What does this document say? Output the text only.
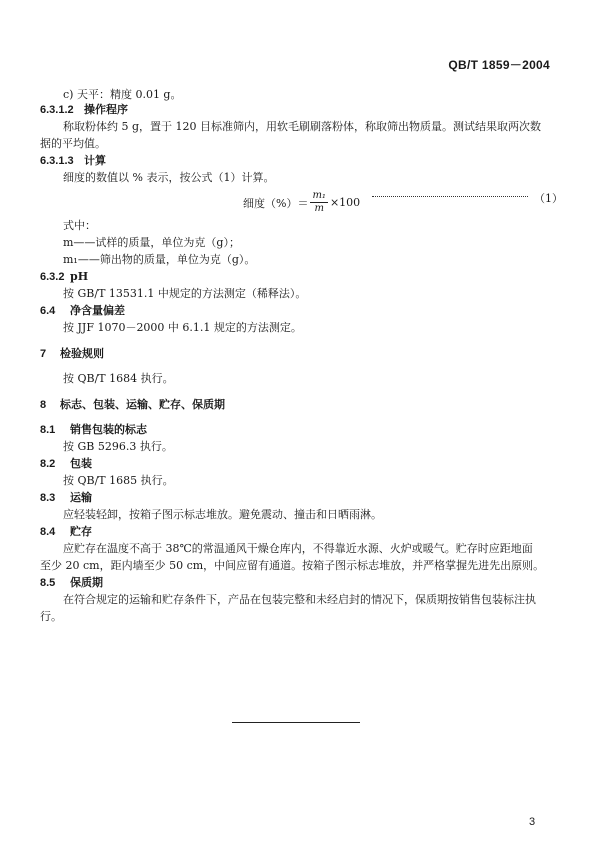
QB/T 1859－2004
c) 天平：精度 0.01 g。
6.3.1.2 操作程序
称取粉体约 5 g，置于 120 目标准筛内，用软毛刷刷落粉体，称取筛出物质量。测试结果取两次数
据的平均值。
6.3.1.3 计算
细度的数值以 % 表示，按公式（1）计算。
细度（%）＝ $\frac{\text{m₁}}{m} \times 100$	（1）
式中：
m——试样的质量，单位为克（g）；
m₁——筛出物的质量，单位为克（g）。
6.3.2 pH
按 GB/T 13531.1 中规定的方法测定（稀释法）。
6.4 净含量偏差
按 JJF 1070－2000 中 6.1.1 规定的方法测定。
7 检验规则
按 QB/T 1684 执行。
8 标志、包装、运输、贮存、保质期
8.1 销售包装的标志
按 GB 5296.3 执行。
8.2 包装
按 QB/T 1685 执行。
8.3 运输
应轻装轻卸，按箱子图示标志堆放。避免震动、撞击和日晒雨淋。
8.4 贮存
应贮存在温度不高于 38℃的常温通风干燥仓库内，不得靠近水源、火炉或暖气。贮存时应距地面
至少 20 cm，距内墙至少 50 cm，中间应留有通道。按箱子图示标志堆放，并严格掌握先进先出原则。
8.5 保质期
在符合规定的运输和贮存条件下，产品在包装完整和未经启封的情况下，保质期按销售包装标注执
行。
3
